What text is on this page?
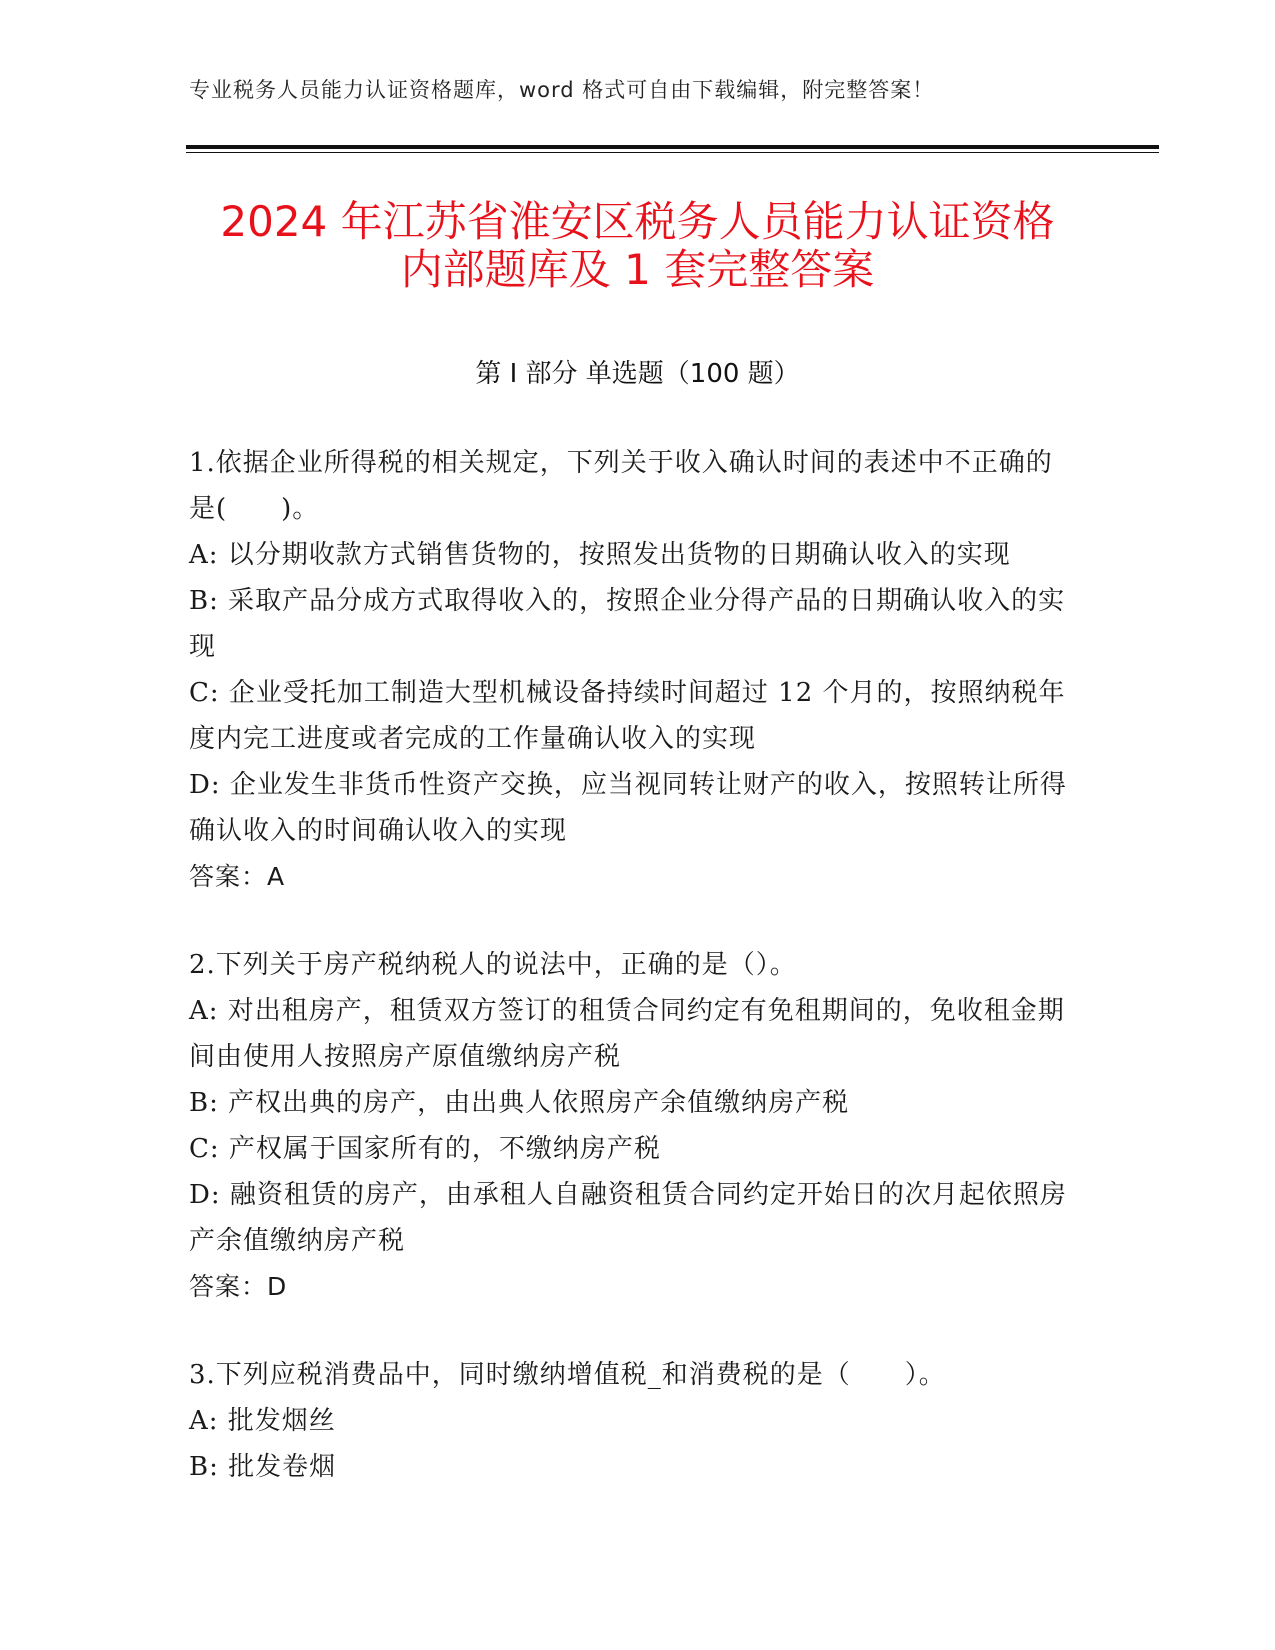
专业税务人员能力认证资格题库，word 格式可自由下载编辑，附完整答案！
2024 年江苏省淮安区税务人员能力认证资格
内部题库及 1 套完整答案
第 I 部分 单选题（100 题）

1.依据企业所得税的相关规定，下列关于收入确认时间的表述中不正确的是(　　)。

A: 以分期收款方式销售货物的，按照发出货物的日期确认收入的实现

B: 采取产品分成方式取得收入的，按照企业分得产品的日期确认收入的实现

C: 企业受托加工制造大型机械设备持续时间超过 12 个月的，按照纳税年度内完工进度或者完成的工作量确认收入的实现

D: 企业发生非货币性资产交换，应当视同转让财产的收入，按照转让所得确认收入的时间确认收入的实现

答案：A

2.下列关于房产税纳税人的说法中，正确的是（）。

A: 对出租房产，租赁双方签订的租赁合同约定有免租期间的，免收租金期间由使用人按照房产原值缴纳房产税

B: 产权出典的房产，由出典人依照房产余值缴纳房产税

C: 产权属于国家所有的，不缴纳房产税

D: 融资租赁的房产，由承租人自融资租赁合同约定开始日的次月起依照房产余值缴纳房产税

答案：D

3.下列应税消费品中，同时缴纳增值税_和消费税的是（　　）。

A: 批发烟丝

B: 批发卷烟
